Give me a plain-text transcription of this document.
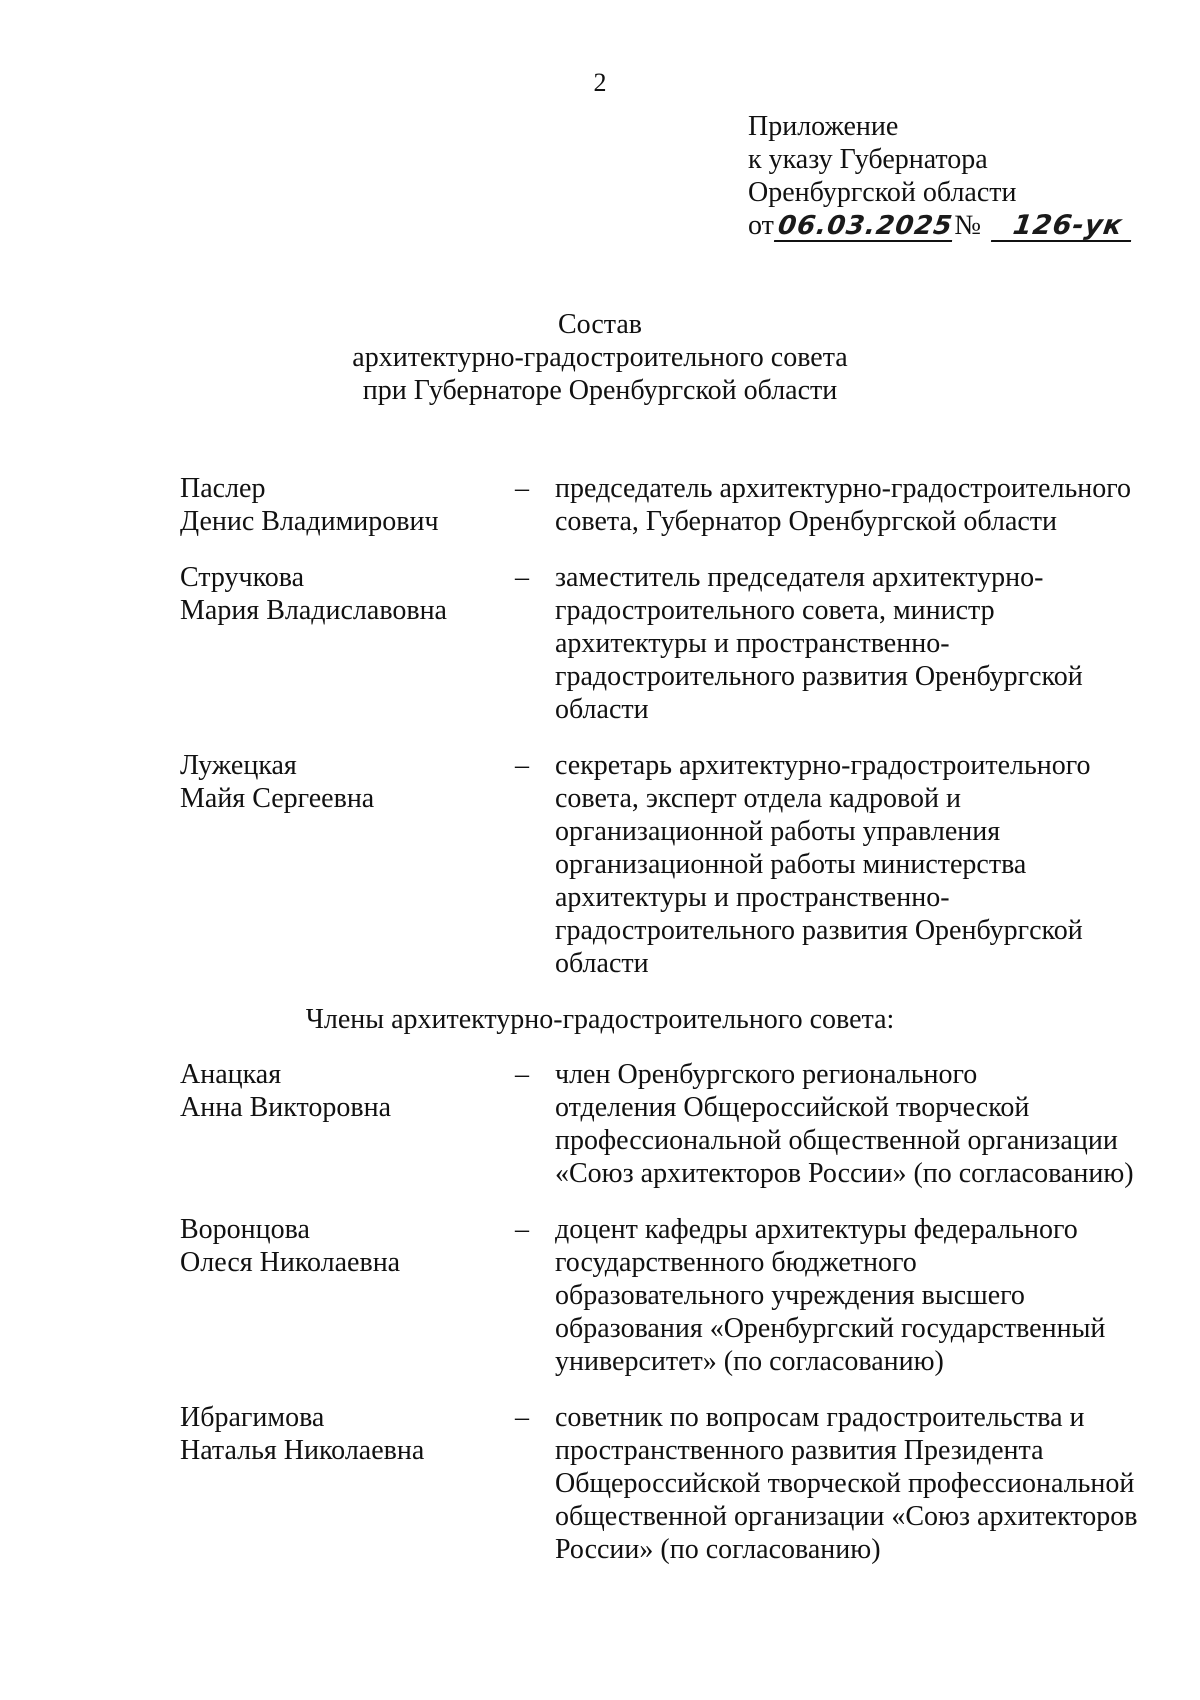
2
Приложение
к указу Губернатора
Оренбургской области
от 06.03.2025 №	126-ук
Состав
архитектурно-градостроительного совета
при Губернаторе Оренбургской области
Паслер
Денис Владимирович
– председатель архитектурно-градостроительного
совета, Губернатор Оренбургской области
Стручкова
Мария Владиславовна
– заместитель председателя архитектурно-
градостроительного совета, министр
архитектуры и пространственно-
градостроительного развития Оренбургской
области
Лужецкая
Майя Сергеевна
– секретарь архитектурно-градостроительного
совета, эксперт отдела кадровой и
организационной работы управления
организационной работы министерства
архитектуры и пространственно-
градостроительного развития Оренбургской
области
Члены архитектурно-градостроительного совета:
Анацкая
Анна Викторовна
– член Оренбургского регионального
отделения Общероссийской творческой
профессиональной общественной организации
«Союз архитекторов России» (по согласованию)
Воронцова
Олеся Николаевна
– доцент кафедры архитектуры федерального
государственного бюджетного
образовательного учреждения высшего
образования «Оренбургский государственный
университет» (по согласованию)
Ибрагимова
Наталья Николаевна
– советник по вопросам градостроительства и
пространственного развития Президента
Общероссийской творческой профессиональной
общественной организации «Союз архитекторов
России» (по согласованию)
